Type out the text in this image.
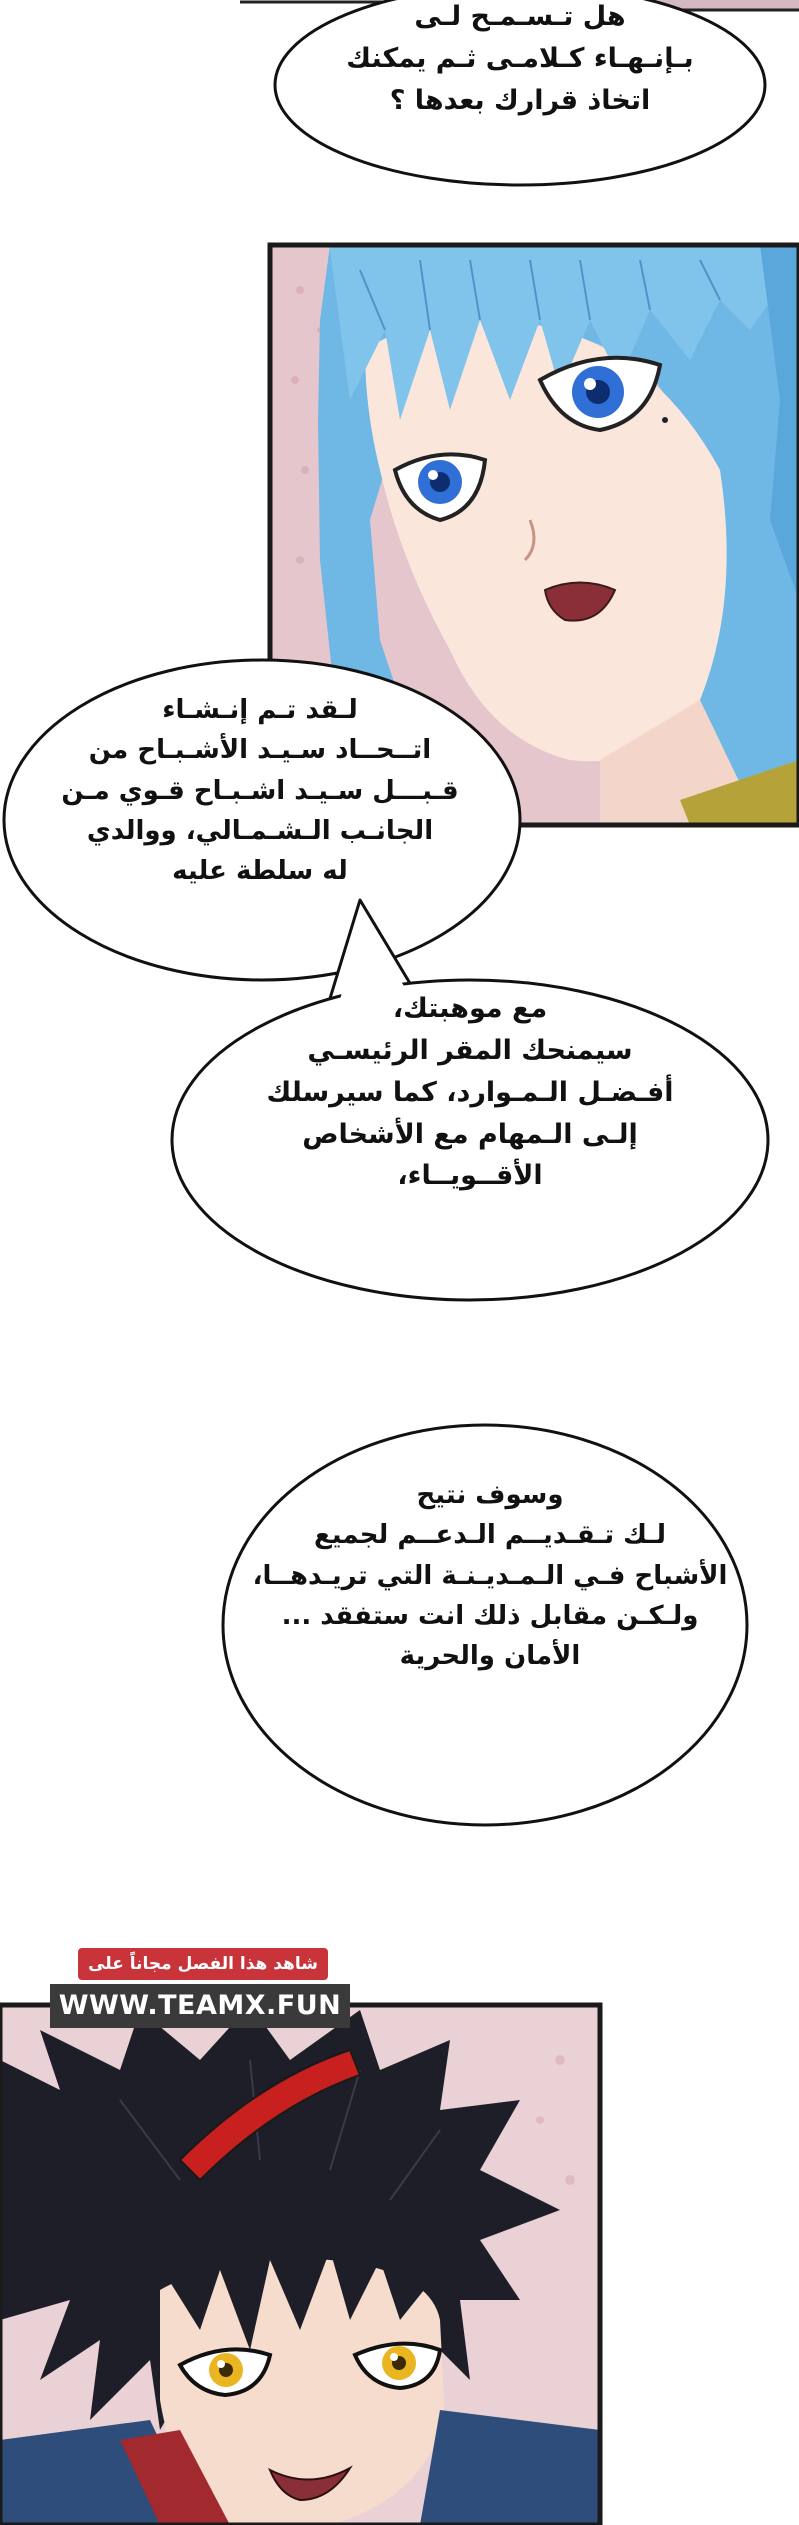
هل تـسـمـح لـى
بـإنـهـاء كـلامـى ثـم يمكنك
اتخاذ قرارك بعدها ؟
لـقد تـم إنـشـاء
اتــحــاد سـيـد الأشـبـاح من
قـبـــل سـيـد اشـبـاح قـوي مـن
الجانـب الـشـمـالي، ووالدي
له سلطة عليه
مع موهبتك،
سيمنحك المقر الرئيسـي
أفـضـل الـمـوارد، كما سيرسلك
إلـى الـمهام مع الأشخاص
الأقــويــاء،
وسوف نتيح
لـك تـقـديــم الـدعــم لجميع
الأشباح فـي الـمـديـنـة التي تريـدهــا،
ولـكـن مقابل ذلك انت ستفقد ...
الأمان والحرية
شاهد هذا الفصل مجاناً على
WWW.TEAMX.FUN
